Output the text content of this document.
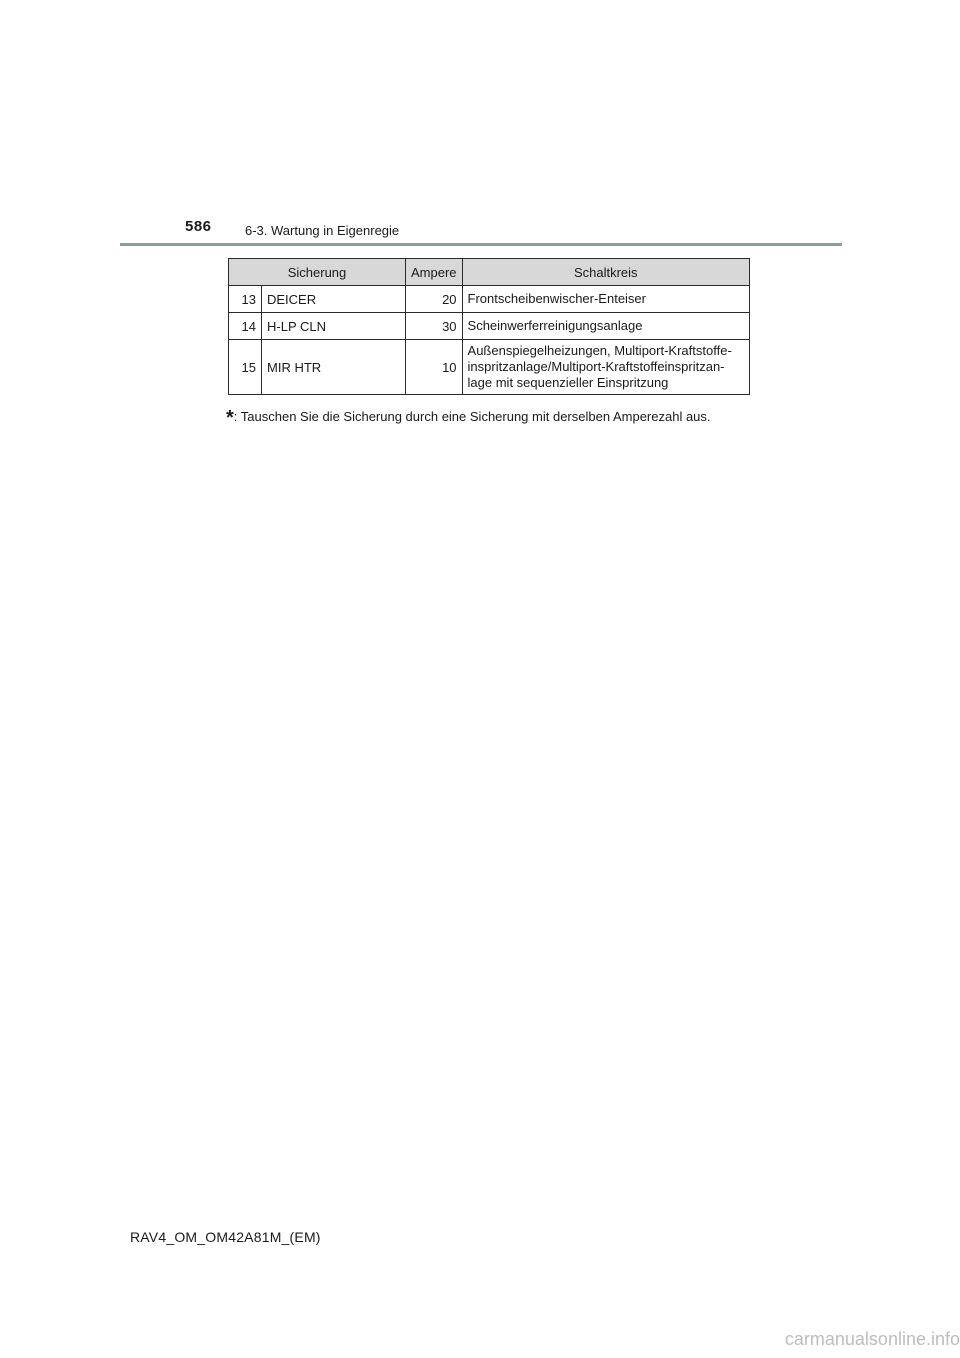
586	6-3. Wartung in Eigenregie
Sicherung		Ampere	Schaltkreis
13	DEICER	20	Frontscheibenwischer-Enteiser
14	H-LP CLN	30	Scheinwerferreinigungsanlage
15	MIR HTR	10	Außenspiegelheizungen, Multiport-Kraftstoffe-
inspritzanlage/Multiport-Kraftstoffeinspritzan-
lage mit sequenzieller Einspritzung
*: Tauschen Sie die Sicherung durch eine Sicherung mit derselben Amperezahl aus.
RAV4_OM_OM42A81M_(EM)
carmanualsonline.info
